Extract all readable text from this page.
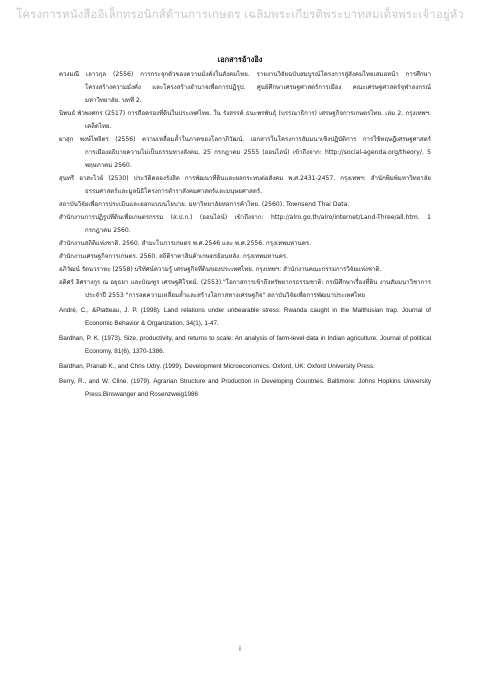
โครงการหนังสืออิเล็กทรอนิกส์ด้านการเกษตร เฉลิมพระเกียรติพระบาทสมเด็จพระเจ้าอยู่หัว
เอกสารอ้างอิง

ควงมณี เลาวกุล (2556) การกระจุกตัวของความมั่งคั่งในสังคมไทย. รายงานวิจัยฉบับสมบูรณ์โครงการสู่สังคมไทยเสมอหน้า การศึกษาโครงสร้างความมั่งคั่ง และโครงสร้างอำนาจเพื่อการปฏิรูป. ศูนย์ศึกษาเศรษฐศาสตร์การเมือง คณะเศรษฐศาสตร์จุฬาลงกรณ์มหาวิทยาลัย. บทที่ 2.

นิพนธ์ พัวพงศกร (2517) การถือครองที่ดินในประเทศไทย. ใน รังสรรค์ ธนะพรพันธุ์ (บรรณาธิการ) เศรษฐกิจการเกษตรไทย. เล่ม 2. กรุงเทพฯ: เคล็ดไทย.

ผาสุก พงษ์ไพจิตร (2556) ความเหลื่อมล้ำในภาคของโลกาภิวัฒน์. เอกสารในโครงการสัมมนาเชิงปฏิบัติการ การใช้ทฤษฎีเศรษฐศาสตร์การเมืองอธิบายความไม่เป็นธรรมทางสังคม, 25 กรกฎาคม 2555 (ออนไลน์) เข้าถึงจาก: http://social-agenda.org/theory/. 5 พฤษภาคม 2560.

สุนทรี อาสะไวย์ (2530) ประวัติคลองรังสิต การพัฒนาที่ดินและผลกระทบต่อสังคม พ.ศ.2431-2457. กรุงเทพฯ: สำนักพิมพ์มหาวิทยาลัยธรรมศาสตร์และมูลนิธิโครงการตำราสังคมศาสตร์และมนุษยศาสตร์.

สถาบันวิจัยเพื่อการประเมินและออกแบบนโยบาย. มหาวิทยาลัยหอการค้าไทย. (2560). Townsend Thai Data.

สำนักงานการปฏิรูปที่ดินเพื่อเกษตรกรรม (ส.ป.ก.) (ออนไลน์) เข้าถึงจาก: http://alro.go.th/alro/internet/Land-Three/all.htm. 1 กรกฎาคม 2560.

สำนักงานสถิติแห่งชาติ. 2560. สำมะโนการเกษตร พ.ศ.2546 และ พ.ศ.2556. กรุงเทพมหานคร.

สำนักงานเศรษฐกิจการเกษตร. 2560. สถิติราคาสินค้าเกษตรย้อนหลัง. กรุงเทพมหานคร.

อภิวัฒน์ รัตนวราหะ (2558) บริทัศน์ความรู้ เศรษฐกิจที่ดินของประเทศไทย. กรุงเทพฯ: สำนักงานคณะกรรมการวิจัยแห่งชาติ.

อดิศร์ อิศรางกูร ณ อยุธยา และบัณฑูร เศรษฐศิโรตม์. (2553)."โอกาสการเข้าถึงทรัพยากรธรรมชาติ: กรณีศึกษาเรื่องที่ดิน งานสัมมนาวิชาการประจำปี 2553 "การลดความเหลื่อมล้ำและสร้างโอกาสทางเศรษฐกิจ" สถาบันวิจัยเพื่อการพัฒนาประเทศไทย

André, C., &Platteau, J. P. (1998). Land relations under unbearable stress: Rwanda caught in the Malthusian trap. Journal of Economic Behavior & Organization, 34(1), 1-47.

Bardhan, P. K. (1973). Size, productivity, and returns to scale: An analysis of farm-level data in Indian agriculture. Journal of political Economy, 81(6), 1370-1386.

Bardhan, Pranab K., and Chris Udry. (1999). Development Microeconomics. Oxford, UK: Oxford University Press.

Berry, R., and W. Cline. (1979). Agrarian Structure and Production in Developing Countries. Baltimore: Johns Hopkins University Press.Binswanger and Rosenzweig1986

i
